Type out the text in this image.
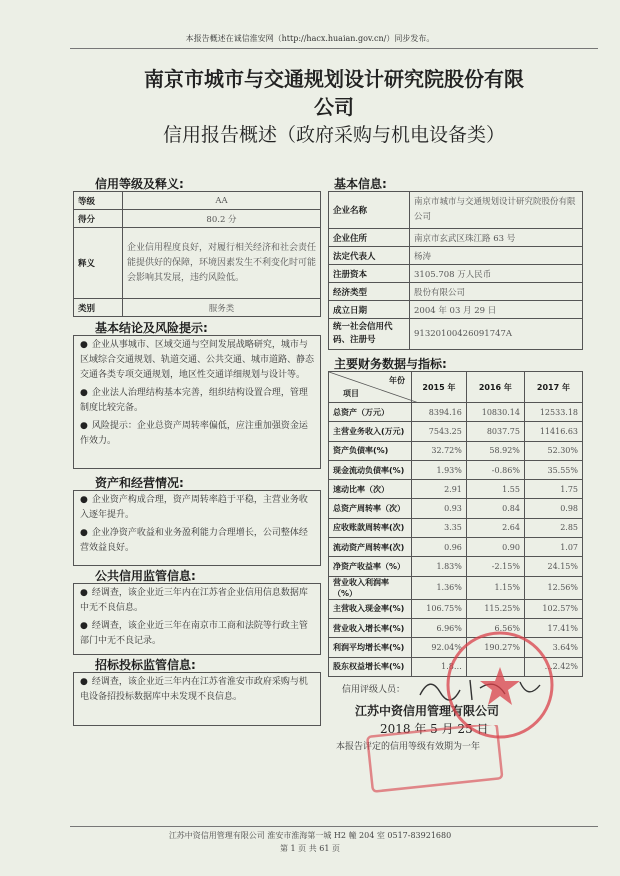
本报告概述在诚信淮安网（http://hacx.huaian.gov.cn/）同步发布。
南京市城市与交通规划设计研究院股份有限
公司
信用报告概述（政府采购与机电设备类）
信用等级及释义:
等级	AA
得分	80.2 分
释义	企业信用程度良好，对履行相关经济和社会责任能提供好的保障，环境因素发生不利变化时可能会影响其发展，违约风险低。
类别	服务类
基本信息:
企业名称	南京市城市与交通规划设计研究院股份有限公司
企业住所	南京市玄武区珠江路 63 号
法定代表人	杨涛
注册资本	3105.708 万人民币
经济类型	股份有限公司
成立日期	2004 年 03 月 29 日
统一社会信用代码、注册号	91320100426091747A
基本结论及风险提示:

● 企业从事城市、区域交通与空间发展战略研究，城市与区域综合交通规划、轨道交通、公共交通、城市道路、静态交通各类专项交通规划，地区性交通详细规划与设计等。

● 企业法人治理结构基本完善，组织结构设置合理，管理制度比较完备。

● 风险提示：企业总资产周转率偏低，应注重加强资金运作效力。

资产和经营情况:

● 企业资产构成合理，资产周转率趋于平稳，主营业务收入逐年提升。

● 企业净资产收益和业务盈利能力合理增长，公司整体经营效益良好。

公共信用监管信息:

● 经调查，该企业近三年内在江苏省企业信用信息数据库中无不良信息。

● 经调查，该企业近三年在南京市工商和法院等行政主管部门中无不良记录。

招标投标监管信息:

● 经调查，该企业近三年内在江苏省淮安市政府采购与机电设备招投标数据库中未发现不良信息。

主要财务数据与指标:
年份
项目	2015 年	2016 年	2017 年
总资产（万元）	8394.16	10830.14	12533.18
主营业务收入(万元)	7543.25	8037.75	11416.63
资产负债率(%)	32.72%	58.92%	52.30%
现金流动负债率(%)	1.93%	-0.86%	35.55%
速动比率（次）	2.91	1.55	1.75
总资产周转率（次）	0.93	0.84	0.98
应收账款周转率(次)	3.35	2.64	2.85
流动资产周转率(次)	0.96	0.90	1.07
净资产收益率（%）	1.83%	-2.15%	24.15%
营业收入利润率（%）	1.36%	1.15%	12.56%
主营收入现金率(%)	106.75%	115.25%	102.57%
营业收入增长率(%)	6.96%	6.56%	17.41%
利润平均增长率(%)	92.04%	190.27%	3.64%
股东权益增长率(%)	1.8…		…2.42%
信用评级人员：
江苏中资信用管理有限公司
2018 年 5 月 25 日
本报告评定的信用等级有效期为一年
江苏中资信用管理有限公司 淮安市淮海第一城 H2 幢 204 室 0517-83921680
第 1 页 共 61 页
